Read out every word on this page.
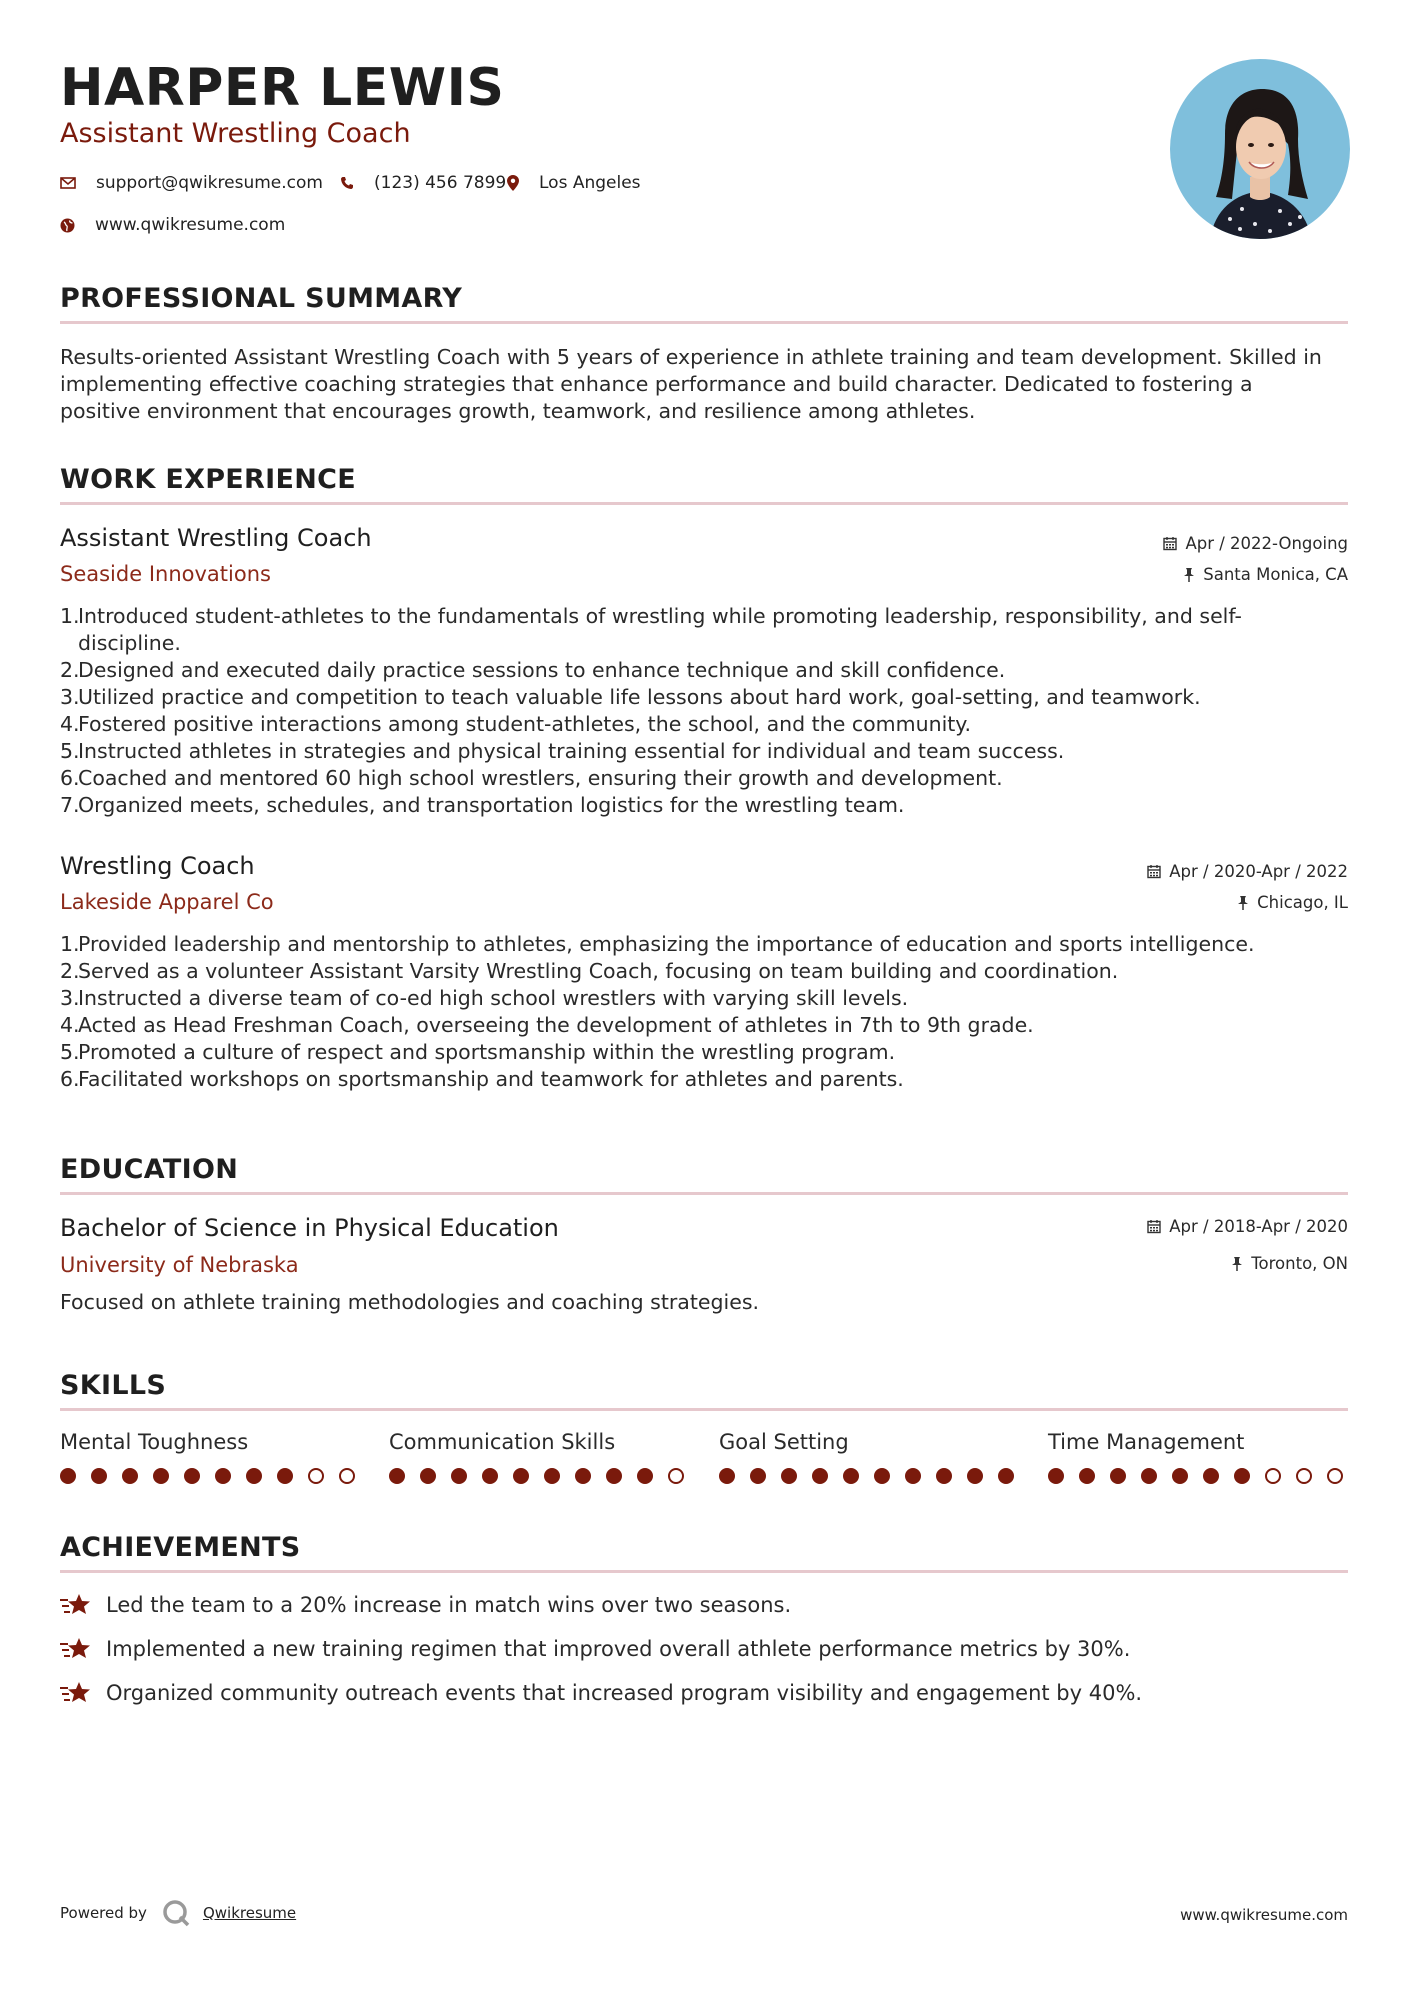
HARPER LEWIS
Assistant Wrestling Coach
support@qwikresume.com	(123) 456 7899 Los Angeles
www.qwikresume.com
PROFESSIONAL SUMMARY
Results-oriented Assistant Wrestling Coach with 5 years of experience in athlete training and team development. Skilled in
implementing effective coaching strategies that enhance performance and build character. Dedicated to fostering a
positive environment that encourages growth, teamwork, and resilience among athletes.
WORK EXPERIENCE
Assistant Wrestling Coach
Seaside Innovations
Apr / 2022-Ongoing
Santa Monica, CA
1.
Introduced student-athletes to the fundamentals of wrestling while promoting leadership, responsibility, and self-
discipline.
2.
Designed and executed daily practice sessions to enhance technique and skill confidence.
3.
Utilized practice and competition to teach valuable life lessons about hard work, goal-setting, and teamwork.
4.
Fostered positive interactions among student-athletes, the school, and the community.
5.
Instructed athletes in strategies and physical training essential for individual and team success.
6.
Coached and mentored 60 high school wrestlers, ensuring their growth and development.
7.
Organized meets, schedules, and transportation logistics for the wrestling team.
Wrestling Coach
Lakeside Apparel Co
Apr / 2020-Apr / 2022
Chicago, IL
1.
Provided leadership and mentorship to athletes, emphasizing the importance of education and sports intelligence.
2.
Served as a volunteer Assistant Varsity Wrestling Coach, focusing on team building and coordination.
3.
Instructed a diverse team of co-ed high school wrestlers with varying skill levels.
4.
Acted as Head Freshman Coach, overseeing the development of athletes in 7th to 9th grade.
5.
Promoted a culture of respect and sportsmanship within the wrestling program.
6.
Facilitated workshops on sportsmanship and teamwork for athletes and parents.
EDUCATION
Bachelor of Science in Physical Education
University of Nebraska
Apr / 2018-Apr / 2020
Toronto, ON
Focused on athlete training methodologies and coaching strategies.
SKILLS
ACHIEVEMENTS
Led the team to a 20% increase in match wins over two seasons.
Implemented a new training regimen that improved overall athlete performance metrics by 30%.
Organized community outreach events that increased program visibility and engagement by 40%.
Powered by	Qwikresume	www.qwikresume.com
Mental Toughness	Communication Skills	Goal Setting	Time Management
